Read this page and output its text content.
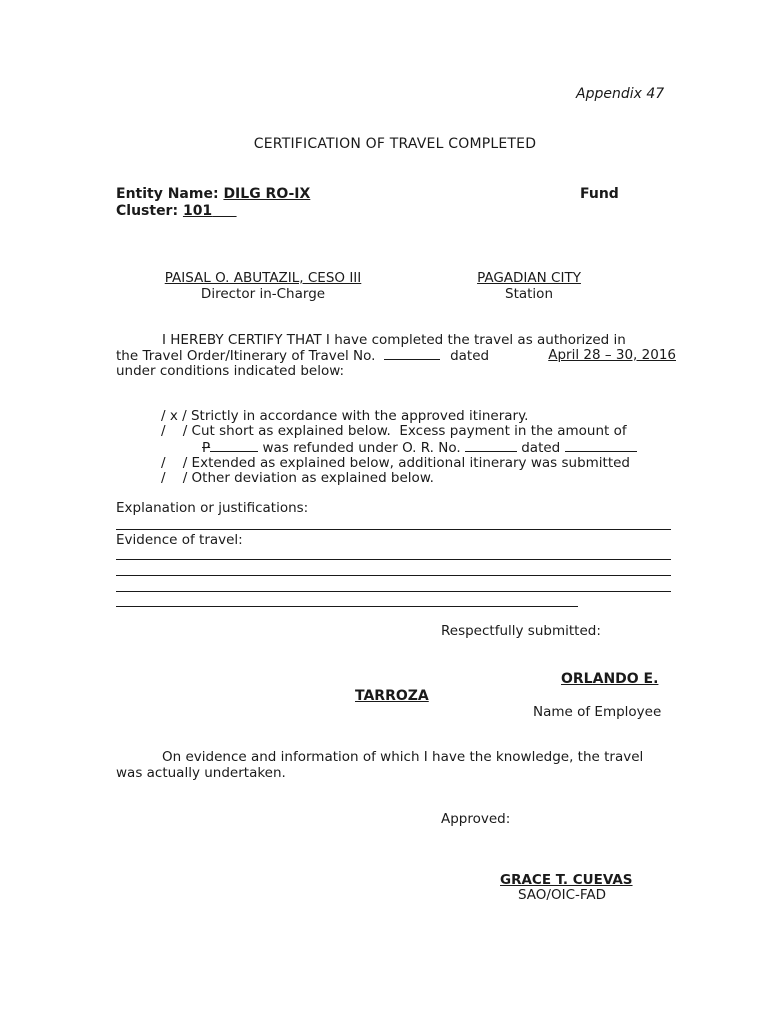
Appendix 47
CERTIFICATION OF TRAVEL COMPLETED
Entity Name: DILG RO-IX	Fund
Cluster: 101
PAISAL O. ABUTAZIL, CESO III
Director in-Charge
PAGADIAN CITY
Station
I HEREBY CERTIFY THAT I have completed the travel as authorized in
the Travel Order/Itinerary of Travel No.	dated	April 28 – 30, 2016
under conditions indicated below:
/ x / Strictly in accordance with the approved itinerary.
/    / Cut short as explained below.  Excess payment in the amount of
P	was refunded under O. R. No.	dated
/    / Extended as explained below, additional itinerary was submitted
/    / Other deviation as explained below.
Explanation or justifications:
Evidence of travel:
Respectfully submitted:
ORLANDO E.
TARROZA
Name of Employee
On evidence and information of which I have the knowledge, the travel
was actually undertaken.
Approved:
GRACE T. CUEVAS
SAO/OIC-FAD
